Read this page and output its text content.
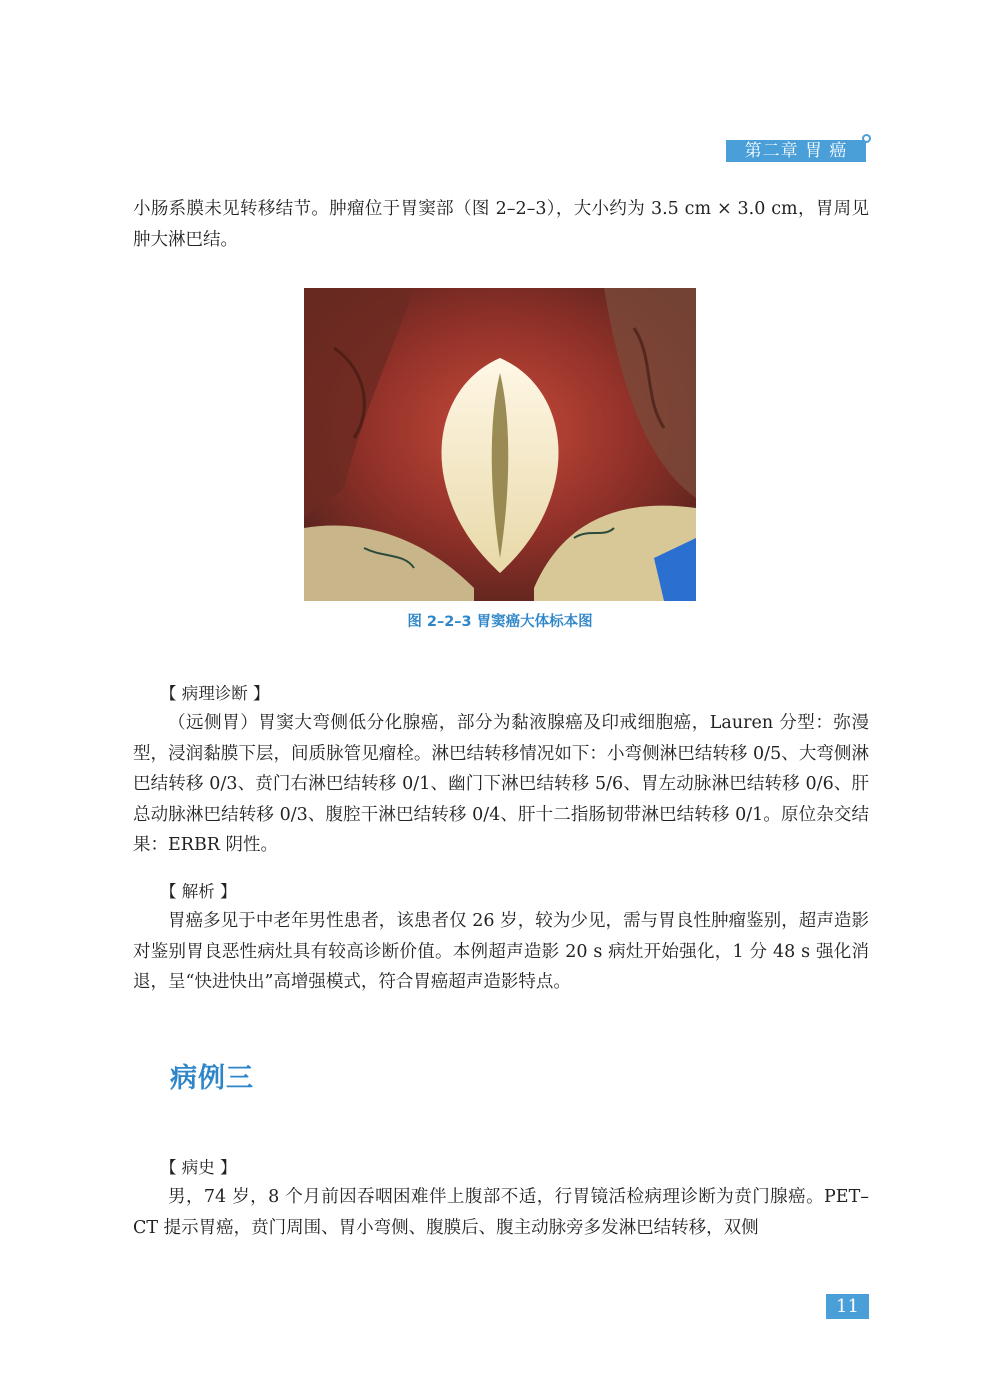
第二章 胃 癌

小肠系膜未见转移结节。肿瘤位于胃窦部（图 2–2–3），大小约为 3.5 cm × 3.0 cm，胃周见肿大淋巴结。

图 2–2–3 胃窦癌大体标本图

【 病理诊断 】

（远侧胃）胃窦大弯侧低分化腺癌，部分为黏液腺癌及印戒细胞癌，Lauren 分型：弥漫型，浸润黏膜下层，间质脉管见瘤栓。淋巴结转移情况如下：小弯侧淋巴结转移 0/5、大弯侧淋巴结转移 0/3、贲门右淋巴结转移 0/1、幽门下淋巴结转移 5/6、胃左动脉淋巴结转移 0/6、肝总动脉淋巴结转移 0/3、腹腔干淋巴结转移 0/4、肝十二指肠韧带淋巴结转移 0/1。原位杂交结果：ERBR 阴性。

【 解析 】

胃癌多见于中老年男性患者，该患者仅 26 岁，较为少见，需与胃良性肿瘤鉴别，超声造影对鉴别胃良恶性病灶具有较高诊断价值。本例超声造影 20 s 病灶开始强化，1 分 48 s 强化消退，呈“快进快出”高增强模式，符合胃癌超声造影特点。

病例三

【 病史 】

男，74 岁，8 个月前因吞咽困难伴上腹部不适，行胃镜活检病理诊断为贲门腺癌。PET–CT 提示胃癌，贲门周围、胃小弯侧、腹膜后、腹主动脉旁多发淋巴结转移，双侧

11
